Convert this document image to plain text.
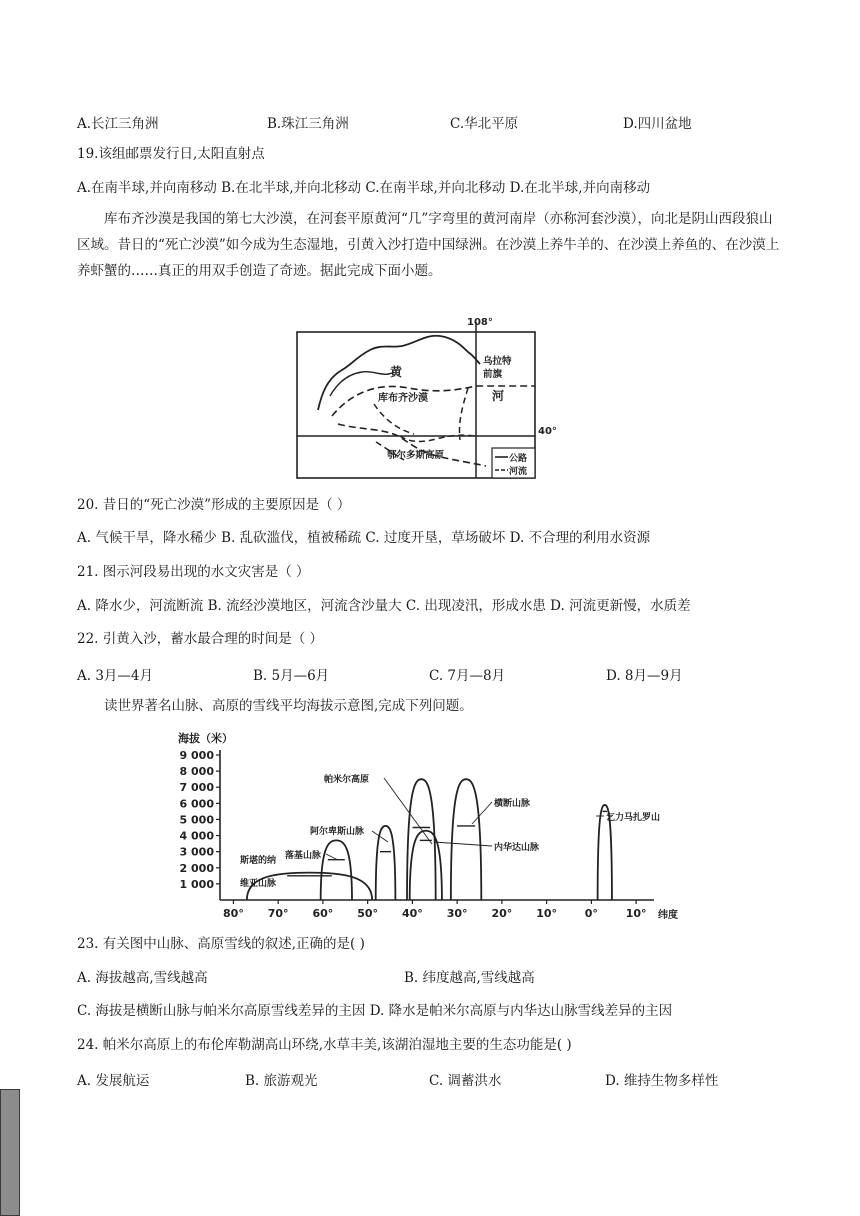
A.长江三角洲	B.珠江三角洲	C.华北平原	D.四川盆地
19.该组邮票发行日,太阳直射点
A.在南半球,并向南移动 B.在北半球,并向北移动 C.在南半球,并向北移动 D.在北半球,并向南移动
库布齐沙漠是我国的第七大沙漠，在河套平原黄河“几”字弯里的黄河南岸（亦称河套沙漠），向北是阴山西段狼山区域。昔日的“死亡沙漠”如今成为生态湿地，引黄入沙打造中国绿洲。在沙漠上养牛羊的、在沙漠上养鱼的、在沙漠上养虾蟹的……真正的用双手创造了奇迹。据此完成下面小题。
108°
40°
黄
河
库布齐沙漠
乌拉特
前旗
鄂尔多斯高原	公路
河流
20. 昔日的“死亡沙漠”形成的主要原因是（ ）
A. 气候干旱，降水稀少 B. 乱砍滥伐，植被稀疏 C. 过度开垦，草场破坏 D. 不合理的利用水资源
21. 图示河段易出现的水文灾害是（ ）
A. 降水少，河流断流 B. 流经沙漠地区，河流含沙量大 C. 出现凌汛，形成水患 D. 河流更新慢，水质差
22. 引黄入沙，蓄水最合理的时间是（ ）
A. 3月—4月	B. 5月—6月	C. 7月—8月	D. 8月—9月
读世界著名山脉、高原的雪线平均海拔示意图,完成下列问题。
海拔（米）
纬度
1 000
2 000
3 000
4 000
5 000
6 000
7 000
8 000
9 000
80° 70° 60° 50° 40° 30° 20° 10°	0°	10°
斯堪的纳
维亚山脉
落基山脉
阿尔卑斯山脉
帕米尔高原
横断山脉
内华达山脉
乞力马扎罗山
23. 有关图中山脉、高原雪线的叙述,正确的是( )
A. 海拔越高,雪线越高	B. 纬度越高,雪线越高
C. 海拔是横断山脉与帕米尔高原雪线差异的主因 D. 降水是帕米尔高原与内华达山脉雪线差异的主因
24. 帕米尔高原上的布伦库勒湖高山环绕,水草丰美,该湖泊湿地主要的生态功能是( )
A. 发展航运	B. 旅游观光	C. 调蓄洪水	D. 维持生物多样性
